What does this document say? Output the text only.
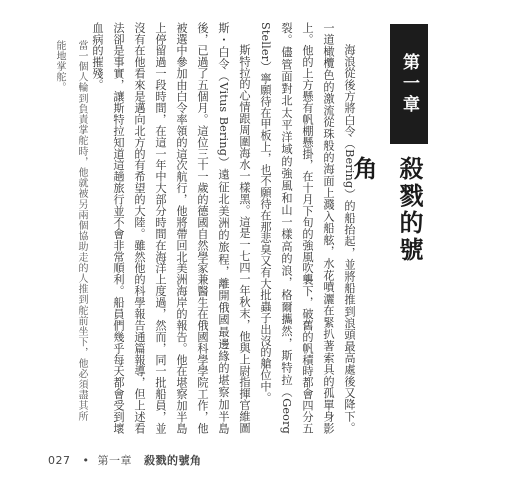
第一章
殺戮的號角

海浪從後方將白令（Bering）的船抬起，並將船推到浪頭最高處後又降下。一道橄欖色的激流從珠般的海面上濺入船舷，水花噴灑在緊扒著索具的孤單身影上。他的上方懸有帆棚懸掛，在十月下旬的強風吹襲下，破舊的帆積時都會四分五裂。儘管面對北太平洋域的強風和山一樣高的浪，格爾攜然，斯特拉（Georg Steller）寧願待在甲板上，也不願待在那悲臭又有大批蟲子出沒的艙位中。

斯特拉的心情跟周圍海水一樣黑。這是一七四一年秋末，他與上尉指揮官維圖斯・白令（Vitus Bering）遠征北美洲的旅程，離開俄國最邊緣的堪察加半島後，已過了五個月。這位三十一歲的德國自然學家兼醫生在俄國科學學院工作，他被選中參加由白令率領的這次航行，他將帶回北美洲海岸的報告。他在堪察加半島上停留過一段時間，在這一年中大部分時間在海洋上度過，然而，同一批船員，並沒有在他看來是邁向北方的有希望的大陸。雖然他的科學報告通篇報導，但上述看法卻是事實，讓斯特拉知道這趟旅行並不會非常順利。船員們幾乎每天都會受到壞血病的摧殘。

當一個人輪到負責掌舵時，他就被另兩個協助走的人推到舵前坐下，他必須盡其所能地掌舵。

027 • 第一章 殺戮的號角
